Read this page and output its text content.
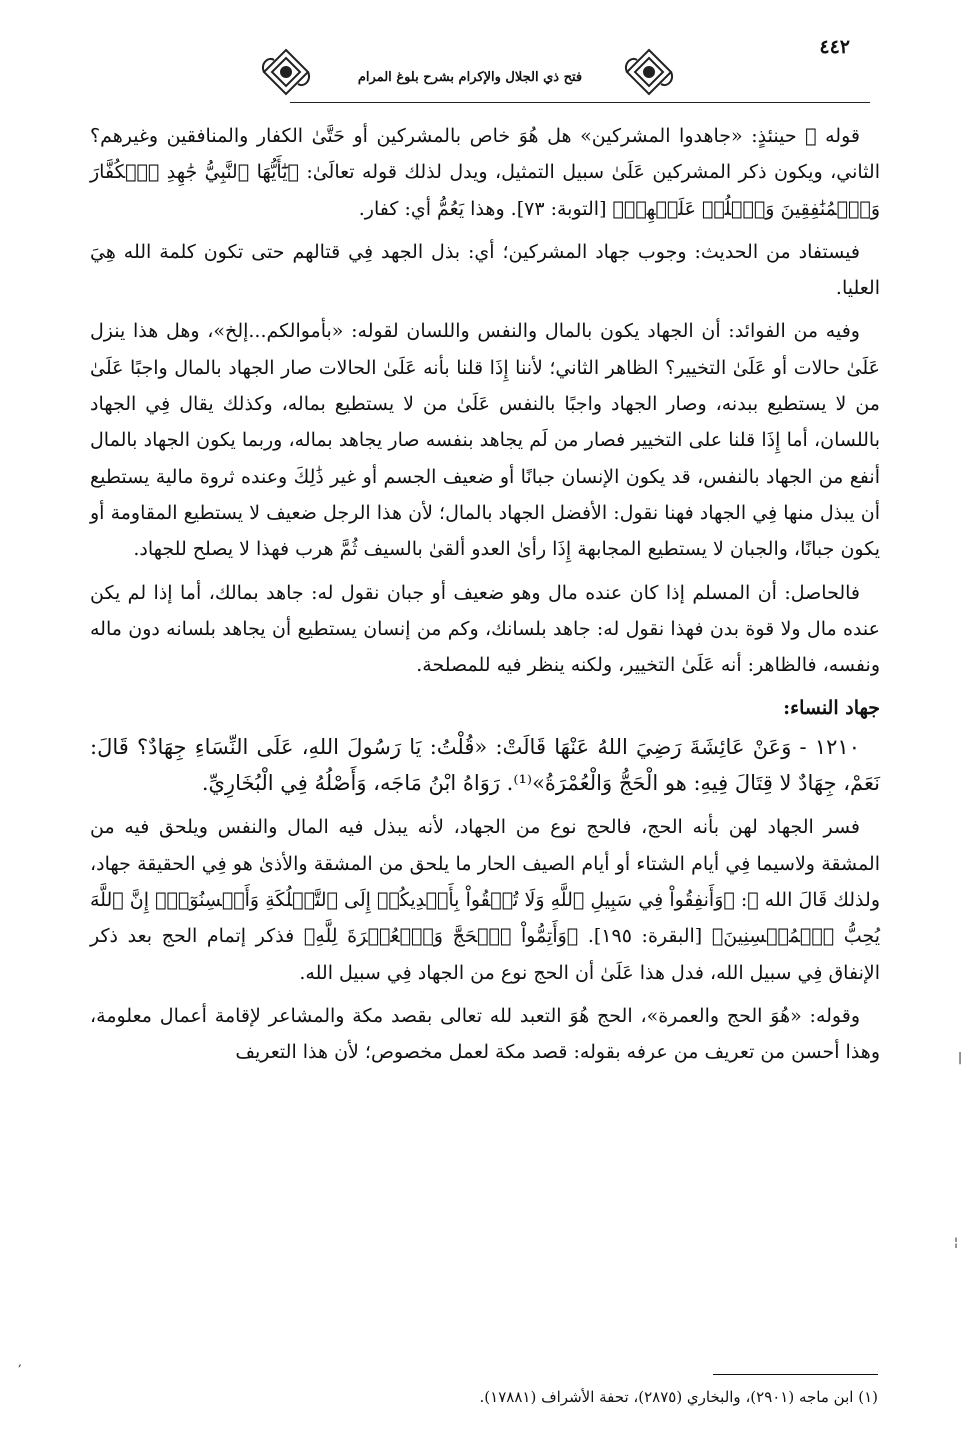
فتح ذي الجلال والإكرام بشرح بلوغ المرام
٤٤٢

قوله ﷺ حينئذٍ: «جاهدوا المشركين» هل هُوَ خاص بالمشركين أو حَتَّىٰ الكفار والمنافقين وغيرهم؟ الثاني، ويكون ذكر المشركين عَلَىٰ سبيل التمثيل، ويدل لذلك قوله تعالَىٰ: ﴿يَٰٓأَيُّهَا ٱلنَّبِيُّ جَٰهِدِ ٱلۡكُفَّارَ وَٱلۡمُنَٰفِقِينَ وَٱغۡلُظۡ عَلَيۡهِمۡ﴾ [التوبة: ٧٣]. وهذا يَعُمُّ أي: كفار.

فيستفاد من الحديث: وجوب جهاد المشركين؛ أي: بذل الجهد فِي قتالهم حتى تكون كلمة الله هِيَ العليا.

وفيه من الفوائد: أن الجهاد يكون بالمال والنفس واللسان لقوله: «بأموالكم...إلخ»، وهل هذا ينزل عَلَىٰ حالات أو عَلَىٰ التخيير؟ الظاهر الثاني؛ لأننا إِذَا قلنا بأنه عَلَىٰ الحالات صار الجهاد بالمال واجبًا عَلَىٰ من لا يستطيع ببدنه، وصار الجهاد واجبًا بالنفس عَلَىٰ من لا يستطيع بماله، وكذلك يقال فِي الجهاد باللسان، أما إِذَا قلنا على التخيير فصار من لَم يجاهد بنفسه صار يجاهد بماله، وربما يكون الجهاد بالمال أنفع من الجهاد بالنفس، قد يكون الإنسان جبانًا أو ضعيف الجسم أو غير ذَٰلِكَ وعنده ثروة مالية يستطيع أن يبذل منها فِي الجهاد فهنا نقول: الأفضل الجهاد بالمال؛ لأن هذا الرجل ضعيف لا يستطيع المقاومة أو يكون جبانًا، والجبان لا يستطيع المجابهة إِذَا رأىٰ العدو ألقىٰ بالسيف ثُمَّ هرب فهذا لا يصلح للجهاد.

فالحاصل: أن المسلم إذا كان عنده مال وهو ضعيف أو جبان نقول له: جاهد بمالك، أما إذا لم يكن عنده مال ولا قوة بدن فهذا نقول له: جاهد بلسانك، وكم من إنسان يستطيع أن يجاهد بلسانه دون ماله ونفسه، فالظاهر: أنه عَلَىٰ التخيير، ولكنه ينظر فيه للمصلحة.

جهاد النساء:

١٢١٠ - وَعَنْ عَائِشَةَ رَضِيَ اللهُ عَنْهَا قَالَتْ: «قُلْتُ: يَا رَسُولَ اللهِ، عَلَى النِّسَاءِ جِهَادٌ؟ قَالَ: نَعَمْ، جِهَادٌ لا قِتَالَ فِيهِ: هو الْحَجُّ وَالْعُمْرَةُ»⁽¹⁾. رَوَاهُ ابْنُ مَاجَه، وَأَصْلُهُ فِي الْبُخَارِيِّ.

فسر الجهاد لهن بأنه الحج، فالحج نوع من الجهاد، لأنه يبذل فيه المال والنفس ويلحق فيه من المشقة ولاسيما فِي أيام الشتاء أو أيام الصيف الحار ما يلحق من المشقة والأذىٰ هو فِي الحقيقة جهاد، ولذلك قَالَ الله ﷻ: ﴿وَأَنفِقُواْ فِي سَبِيلِ ٱللَّهِ وَلَا تُلۡقُواْ بِأَيۡدِيكُمۡ إِلَى ٱلتَّهۡلُكَةِ وَأَحۡسِنُوٓاْۚ إِنَّ ٱللَّهَ يُحِبُّ ٱلۡمُحۡسِنِينَ﴾ [البقرة: ١٩٥]. ﴿وَأَتِمُّواْ ٱلۡحَجَّ وَٱلۡعُمۡرَةَ لِلَّهِ﴾ فذكر إتمام الحج بعد ذكر الإنفاق فِي سبيل الله، فدل هذا عَلَىٰ أن الحج نوع من الجهاد فِي سبيل الله.

وقوله: «هُوَ الحج والعمرة»، الحج هُوَ التعبد لله تعالى بقصد مكة والمشاعر لإقامة أعمال معلومة، وهذا أحسن من تعريف من عرفه بقوله: قصد مكة لعمل مخصوص؛ لأن هذا التعريف

(١) ابن ماجه (٢٩٠١)، والبخاري (٢٨٧٥)، تحفة الأشراف (١٧٨٨١).
|
¦
,
